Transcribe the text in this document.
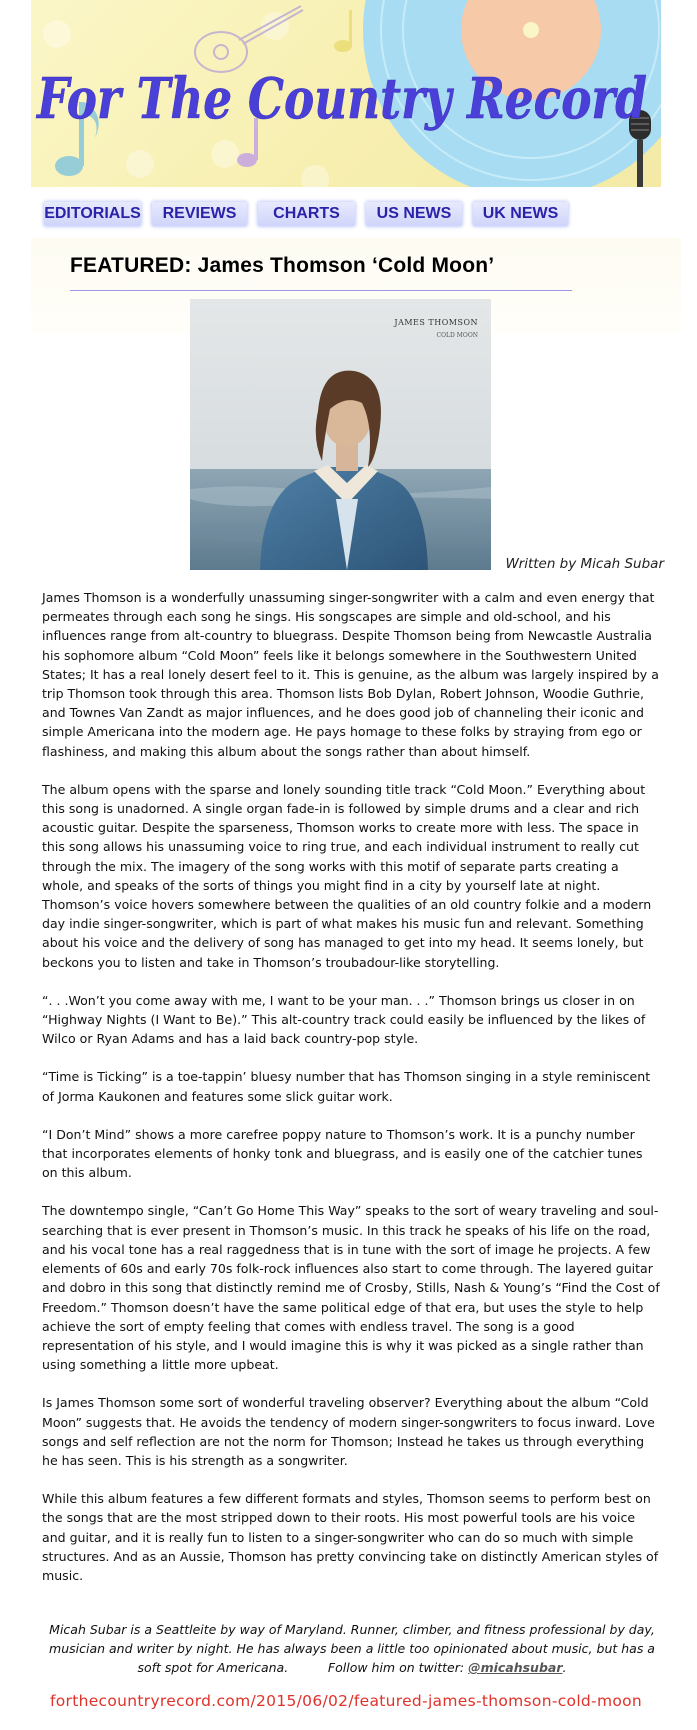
For The Country Record
EDITORIALS	REVIEWS	CHARTS	US NEWS	UK NEWS
FEATURED: James Thomson ‘Cold Moon’
JAMES THOMSON
COLD MOON
Written by Micah Subar

James Thomson is a wonderfully unassuming singer-songwriter with a calm and even energy that permeates through each song he sings. His songscapes are simple and old-school, and his influences range from alt-country to bluegrass. Despite Thomson being from Newcastle Australia his sophomore album “Cold Moon” feels like it belongs somewhere in the Southwestern United States; It has a real lonely desert feel to it. This is genuine, as the album was largely inspired by a trip Thomson took through this area. Thomson lists Bob Dylan, Robert Johnson, Woodie Guthrie, and Townes Van Zandt as major influences, and he does good job of channeling their iconic and simple Americana into the modern age. He pays homage to these folks by straying from ego or flashiness, and making this album about the songs rather than about himself.

The album opens with the sparse and lonely sounding title track “Cold Moon.” Everything about this song is unadorned. A single organ fade-in is followed by simple drums and a clear and rich acoustic guitar. Despite the sparseness, Thomson works to create more with less. The space in this song allows his unassuming voice to ring true, and each individual instrument to really cut through the mix. The imagery of the song works with this motif of separate parts creating a whole, and speaks of the sorts of things you might find in a city by yourself late at night. Thomson’s voice hovers somewhere between the qualities of an old country folkie and a modern day indie singer-songwriter, which is part of what makes his music fun and relevant. Something about his voice and the delivery of song has managed to get into my head. It seems lonely, but beckons you to listen and take in Thomson’s troubadour-like storytelling.

“. . .Won’t you come away with me, I want to be your man. . .” Thomson brings us closer in on “Highway Nights (I Want to Be).” This alt-country track could easily be influenced by the likes of Wilco or Ryan Adams and has a laid back country-pop style.

“Time is Ticking” is a toe-tappin’ bluesy number that has Thomson singing in a style reminiscent of Jorma Kaukonen and features some slick guitar work.

“I Don’t Mind” shows a more carefree poppy nature to Thomson’s work. It is a punchy number that incorporates elements of honky tonk and bluegrass, and is easily one of the catchier tunes on this album.

The downtempo single, “Can’t Go Home This Way” speaks to the sort of weary traveling and soul-searching that is ever present in Thomson’s music. In this track he speaks of his life on the road, and his vocal tone has a real raggedness that is in tune with the sort of image he projects. A few elements of 60s and early 70s folk-rock influences also start to come through. The layered guitar and dobro in this song that distinctly remind me of Crosby, Stills, Nash & Young’s “Find the Cost of Freedom.” Thomson doesn’t have the same political edge of that era, but uses the style to help achieve the sort of empty feeling that comes with endless travel. The song is a good representation of his style, and I would imagine this is why it was picked as a single rather than using something a little more upbeat.

Is James Thomson some sort of wonderful traveling observer? Everything about the album “Cold Moon” suggests that. He avoids the tendency of modern singer-songwriters to focus inward. Love songs and self reflection are not the norm for Thomson; Instead he takes us through everything he has seen. This is his strength as a songwriter.

While this album features a few different formats and styles, Thomson seems to perform best on the songs that are the most stripped down to their roots. His most powerful tools are his voice and guitar, and it is really fun to listen to a singer-songwriter who can do so much with simple structures. And as an Aussie, Thomson has pretty convincing take on distinctly American styles of music.

Micah Subar is a Seattleite by way of Maryland. Runner, climber, and fitness professional by day, musician and writer by night. He has always been a little too opinionated about music, but has a soft spot for Americana.	Follow him on twitter: @micahsubar.
forthecountryrecord.com/2015/06/02/featured-james-thomson-cold-moon
